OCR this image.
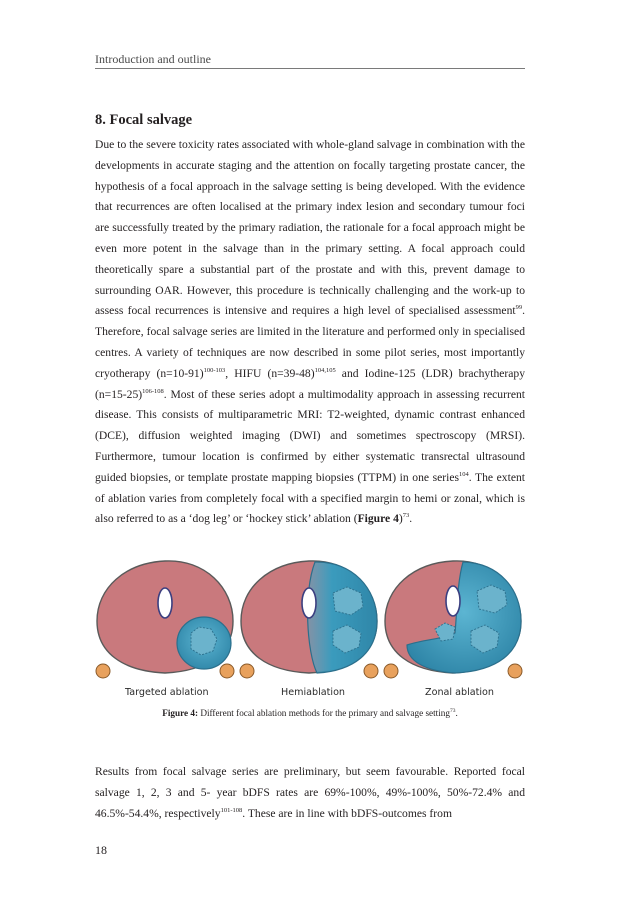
Introduction and outline
8. Focal salvage
Due to the severe toxicity rates associated with whole-gland salvage in combination with the developments in accurate staging and the attention on focally targeting prostate cancer, the hypothesis of a focal approach in the salvage setting is being developed. With the evidence that recurrences are often localised at the primary index lesion and secondary tumour foci are successfully treated by the primary radiation, the rationale for a focal approach might be even more potent in the salvage than in the primary setting. A focal approach could theoretically spare a substantial part of the prostate and with this, prevent damage to surrounding OAR. However, this procedure is technically challenging and the work-up to assess focal recurrences is intensive and requires a high level of specialised assessment$^{99}$. Therefore, focal salvage series are limited in the literature and performed only in specialised centres. A variety of techniques are now described in some pilot series, most importantly cryotherapy (n=10-91)$^{100-103}$, HIFU (n=39-48)$^{104,105}$ and Iodine-125 (LDR) brachytherapy (n=15-25)$^{106-108}$. Most of these series adopt a multimodality approach in assessing recurrent disease. This consists of multiparametric MRI: T2-weighted, dynamic contrast enhanced (DCE), diffusion weighted imaging (DWI) and sometimes spectroscopy (MRSI). Furthermore, tumour location is confirmed by either systematic transrectal ultrasound guided biopsies, or template prostate mapping biopsies (TTPM) in one series$^{104}$. The extent of ablation varies from completely focal with a specified margin to hemi or zonal, which is also referred to as a ‘dog leg’ or ‘hockey stick’ ablation (Figure 4)$^{73}$.
Targeted ablation	Hemiablation	Zonal ablation
Figure 4: Different focal ablation methods for the primary and salvage setting$^{73}$.
Results from focal salvage series are preliminary, but seem favourable. Reported focal salvage 1, 2, 3 and 5- year bDFS rates are 69%-100%, 49%-100%, 50%-72.4% and 46.5%-54.4%, respectively$^{101-108}$. These are in line with bDFS-outcomes from
18
